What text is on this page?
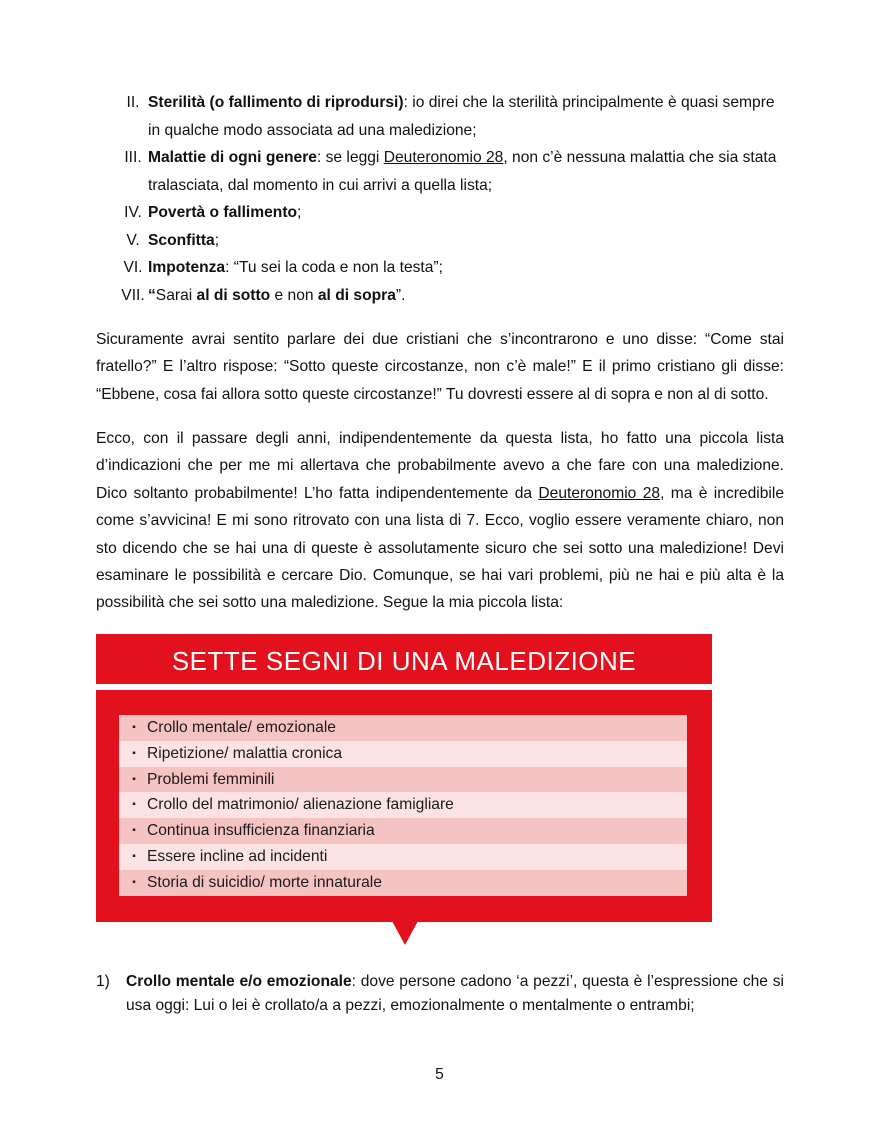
II. Sterilità (o fallimento di riprodursi): io direi che la sterilità principalmente è quasi sempre in qualche modo associata ad una maledizione;
III. Malattie di ogni genere: se leggi Deuteronomio 28, non c’è nessuna malattia che sia stata tralasciata, dal momento in cui arrivi a quella lista;
IV. Povertà o fallimento;
V. Sconfitta;
VI. Impotenza: “Tu sei la coda e non la testa”;
VII. “Sarai al di sotto e non al di sopra”.

Sicuramente avrai sentito parlare dei due cristiani che s’incontrarono e uno disse: “Come stai fratello?” E l’altro rispose: “Sotto queste circostanze, non c’è male!” E il primo cristiano gli disse: “Ebbene, cosa fai allora sotto queste circostanze!” Tu dovresti essere al di sopra e non al di sotto.

Ecco, con il passare degli anni, indipendentemente da questa lista, ho fatto una piccola lista d’indicazioni che per me mi allertava che probabilmente avevo a che fare con una maledizione. Dico soltanto probabilmente! L’ho fatta indipendentemente da Deuteronomio 28, ma è incredibile come s’avvicina! E mi sono ritrovato con una lista di 7. Ecco, voglio essere veramente chiaro, non sto dicendo che se hai una di queste è assolutamente sicuro che sei sotto una maledizione! Devi esaminare le possibilità e cercare Dio. Comunque, se hai vari problemi, più ne hai e più alta è la possibilità che sei sotto una maledizione. Segue la mia piccola lista:

SETTE SEGNI DI UNA MALEDIZIONE
▪ Crollo mentale/ emozionale
▪ Ripetizione/ malattia cronica
▪ Problemi femminili
▪ Crollo del matrimonio/ alienazione famigliare
▪ Continua insufficienza finanziaria
▪ Essere incline ad incidenti
▪ Storia di suicidio/ morte innaturale
1)	Crollo mentale e/o emozionale: dove persone cadono ‘a pezzi’, questa è l’espressione che si usa oggi: Lui o lei è crollato/a a pezzi, emozionalmente o mentalmente o entrambi;
5
